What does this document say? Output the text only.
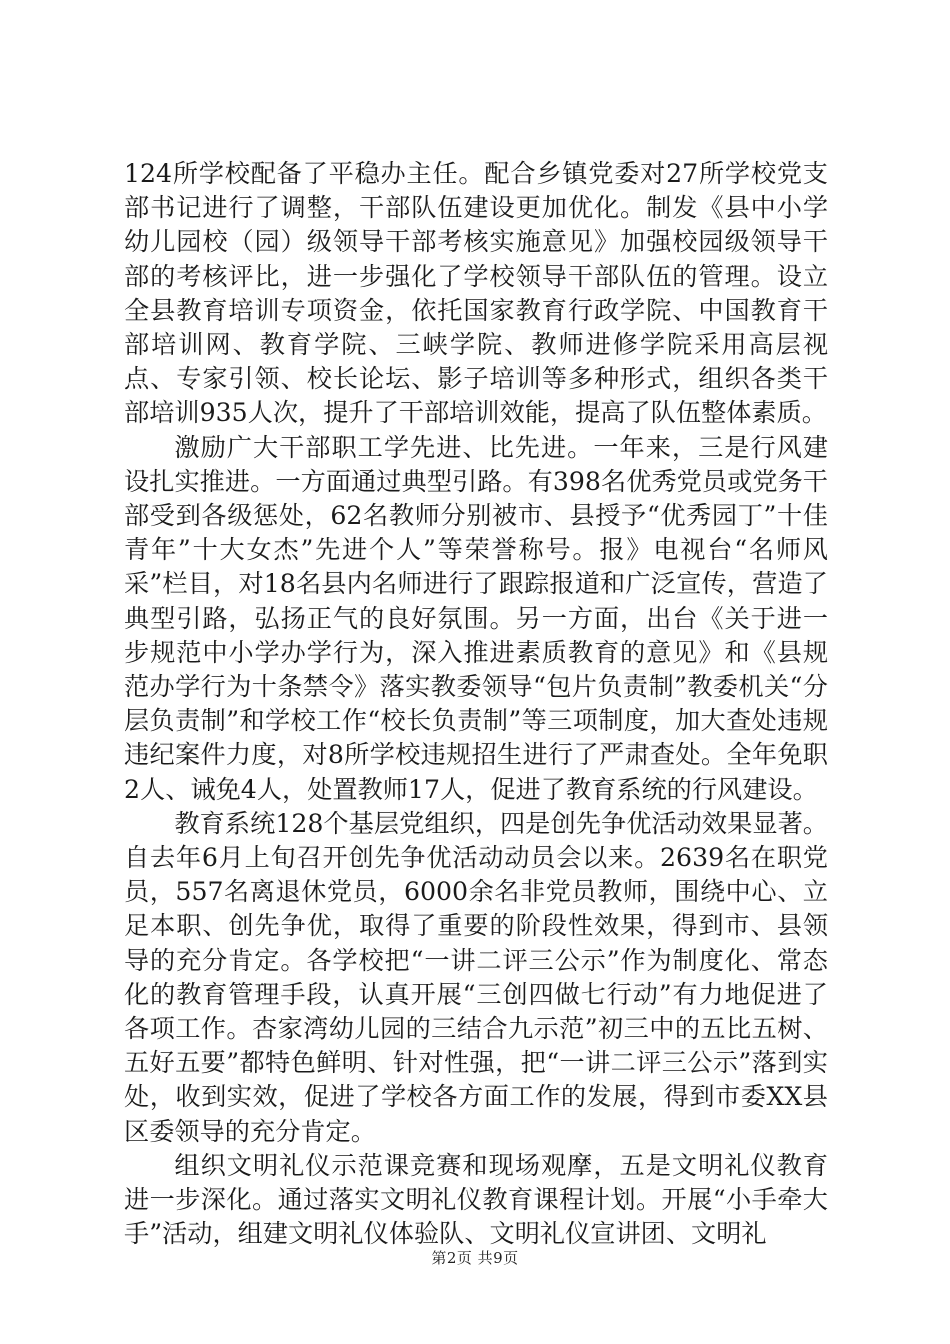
124所学校配备了平稳办主任。配合乡镇党委对27所学校党支部书记进行了调整，干部队伍建设更加优化。制发《县中小学幼儿园校（园）级领导干部考核实施意见》加强校园级领导干部的考核评比，进一步强化了学校领导干部队伍的管理。设立全县教育培训专项资金，依托国家教育行政学院、中国教育干部培训网、教育学院、三峡学院、教师进修学院采用高层视点、专家引领、校长论坛、影子培训等多种形式，组织各类干部培训935人次，提升了干部培训效能，提高了队伍整体素质。

激励广大干部职工学先进、比先进。一年来，三是行风建设扎实推进。一方面通过典型引路。有398名优秀党员或党务干部受到各级惩处，62名教师分别被市、县授予“优秀园丁”十佳青年”十大女杰”先进个人”等荣誉称号。报》电视台“名师风采”栏目，对18名县内名师进行了跟踪报道和广泛宣传，营造了典型引路，弘扬正气的良好氛围。另一方面，出台《关于进一步规范中小学办学行为，深入推进素质教育的意见》和《县规范办学行为十条禁令》落实教委领导“包片负责制”教委机关“分层负责制”和学校工作“校长负责制”等三项制度，加大查处违规违纪案件力度，对8所学校违规招生进行了严肃查处。全年免职2人、诫免4人，处置教师17人，促进了教育系统的行风建设。

教育系统128个基层党组织，四是创先争优活动效果显著。自去年6月上旬召开创先争优活动动员会以来。2639名在职党员，557名离退休党员，6000余名非党员教师，围绕中心、立足本职、创先争优，取得了重要的阶段性效果，得到市、县领导的充分肯定。各学校把“一讲二评三公示”作为制度化、常态化的教育管理手段，认真开展“三创四做七行动”有力地促进了各项工作。杏家湾幼儿园的三结合九示范”初三中的五比五树、五好五要”都特色鲜明、针对性强，把“一讲二评三公示”落到实处，收到实效，促进了学校各方面工作的发展，得到市委XX县区委领导的充分肯定。

组织文明礼仪示范课竞赛和现场观摩，五是文明礼仪教育进一步深化。通过落实文明礼仪教育课程计划。开展“小手牵大手”活动，组建文明礼仪体验队、文明礼仪宣讲团、文明礼

第2页 共9页
